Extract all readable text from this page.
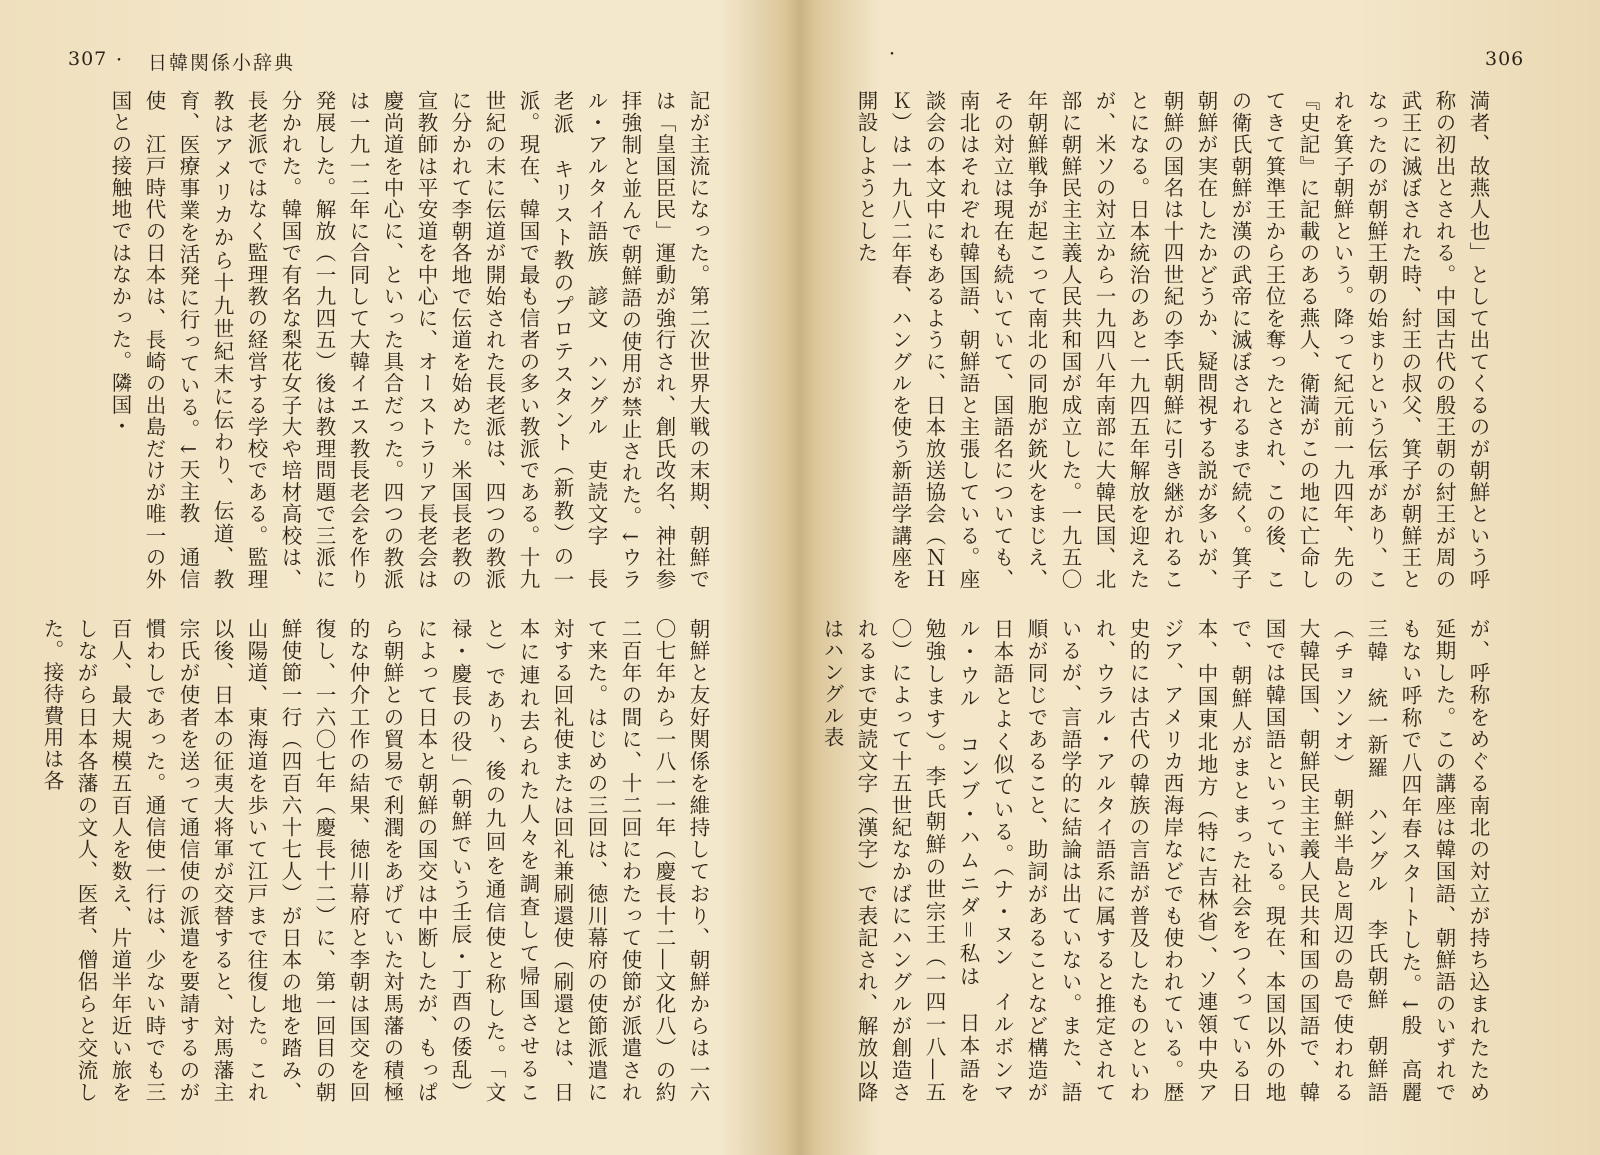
307 ・ 日韓関係小辞典

記が主流になった。第二次世界大戦の末期、朝鮮では「皇国臣民」運動が強行され、創氏改名、神社参拝強制と並んで朝鮮語の使用が禁止された。↓ウラル・アルタイ語族　諺文　ハングル　吏読文字　長老派　キリスト教のプロテスタント（新教）の一派。現在、韓国で最も信者の多い教派である。十九世紀の末に伝道が開始された長老派は、四つの教派に分かれて李朝各地で伝道を始めた。米国長老教の宣教師は平安道を中心に、オーストラリア長老会は慶尚道を中心に、といった具合だった。四つの教派は一九一二年に合同して大韓イエス教長老会を作り発展した。解放（一九四五）後は教理問題で三派に分かれた。韓国で有名な梨花女子大や培材高校は、長老派ではなく監理教の経営する学校である。監理教はアメリカから十九世紀末に伝わり、伝道、教育、医療事業を活発に行っている。↓天主教　通信使　江戸時代の日本は、長崎の出島だけが唯一の外国との接触地ではなかった。隣国・

朝鮮と友好関係を維持しており、朝鮮からは一六〇七年から一八一一年（慶長十二―文化八）の約二百年の間に、十二回にわたって使節が派遣されて来た。はじめの三回は、徳川幕府の使節派遣に対する回礼使または回礼兼刷還使（刷還とは、日本に連れ去られた人々を調査して帰国させること）であり、後の九回を通信使と称した。「文禄・慶長の役」（朝鮮でいう壬辰・丁酉の倭乱）によって日本と朝鮮の国交は中断したが、もっぱら朝鮮との貿易で利潤をあげていた対馬藩の積極的な仲介工作の結果、徳川幕府と李朝は国交を回復し、一六〇七年（慶長十二）に、第一回目の朝鮮使節一行（四百六十七人）が日本の地を踏み、山陽道、東海道を歩いて江戸まで往復した。これ以後、日本の征夷大将軍が交替すると、対馬藩主宗氏が使者を送って通信使の派遣を要請するのが慣わしであった。通信使一行は、少ない時でも三百人、最大規模五百人を数え、片道半年近い旅をしながら日本各藩の文人、医者、僧侶らと交流した。接待費用は各

・	306

満者、故燕人也」として出てくるのが朝鮮という呼称の初出とされる。中国古代の殷王朝の紂王が周の武王に滅ぼされた時、紂王の叔父、箕子が朝鮮王となったのが朝鮮王朝の始まりという伝承があり、これを箕子朝鮮という。降って紀元前一九四年、先の『史記』に記載のある燕人、衛満がこの地に亡命してきて箕準王から王位を奪ったとされ、この後、この衛氏朝鮮が漢の武帝に滅ぼされるまで続く。箕子朝鮮が実在したかどうか、疑問視する説が多いが、朝鮮の国名は十四世紀の李氏朝鮮に引き継がれることになる。日本統治のあと一九四五年解放を迎えたが、米ソの対立から一九四八年南部に大韓民国、北部に朝鮮民主主義人民共和国が成立した。一九五〇年朝鮮戦争が起こって南北の同胞が銃火をまじえ、その対立は現在も続いていて、国語名についても、南北はそれぞれ韓国語、朝鮮語と主張している。座談会の本文中にもあるように、日本放送協会（ＮＨＫ）は一九八二年春、ハングルを使う新語学講座を開設しようとした

が、呼称をめぐる南北の対立が持ち込まれたため延期した。この講座は韓国語、朝鮮語のいずれでもない呼称で八四年春スタートした。↓殷　高麗　三韓　統一新羅　ハングル　李氏朝鮮　朝鮮語（チョソンオ）　朝鮮半島と周辺の島で使われる大韓民国、朝鮮民主主義人民共和国の国語で、韓国では韓国語といっている。現在、本国以外の地で、朝鮮人がまとまった社会をつくっている日本、中国東北地方（特に吉林省）、ソ連領中央アジア、アメリカ西海岸などでも使われている。歴史的には古代の韓族の言語が普及したものといわれ、ウラル・アルタイ語系に属すると推定されているが、言語学的に結論は出ていない。また、語順が同じであること、助詞があることなど構造が日本語とよく似ている。（ナ・ヌン　イルボンマル・ウル　コンブ・ハムニダ＝私は　日本語を　勉強します）。李氏朝鮮の世宗王（一四一八―五〇）によって十五世紀なかばにハングルが創造されるまで吏読文字（漢字）で表記され、解放以降はハングル表
